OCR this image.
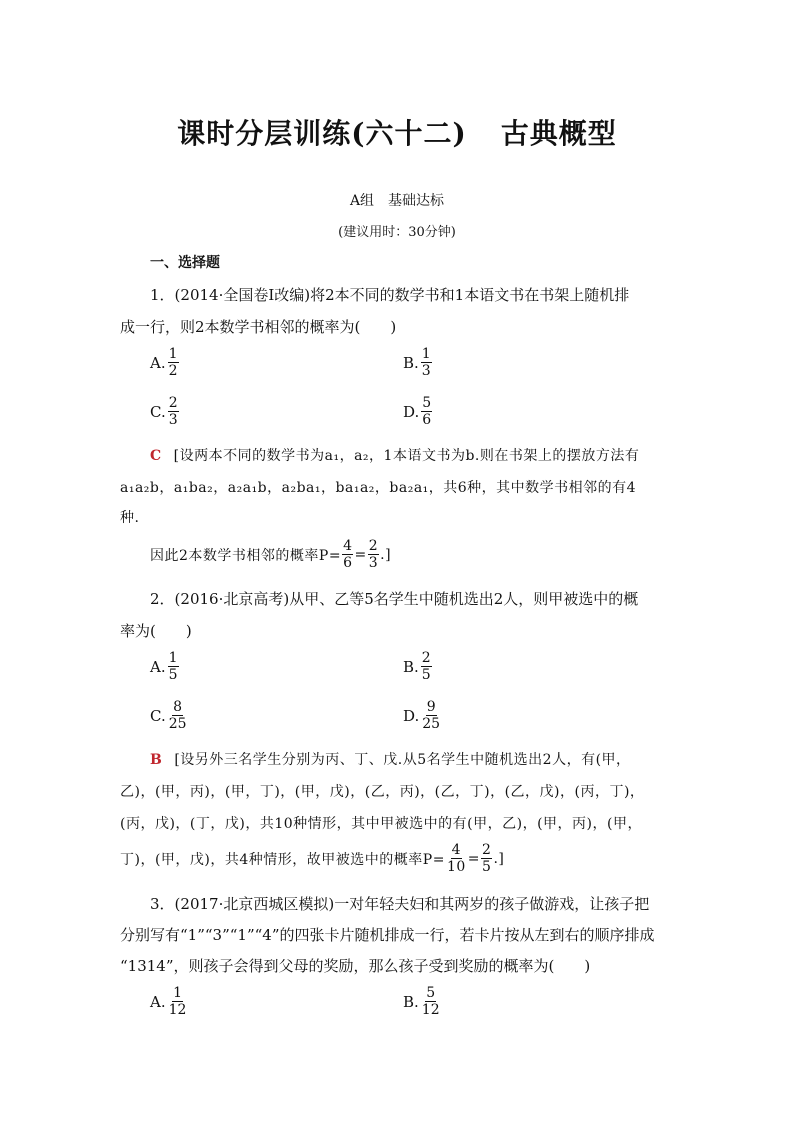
课时分层训练(六十二) 古典概型
A组　基础达标
(建议用时：30分钟)
一、选择题
1．(2014·全国卷Ⅰ改编)将2本不同的数学书和1本语文书在书架上随机排
成一行，则2本数学书相邻的概率为(　　)
A. $\frac{1}{2}$	B. $\frac{1}{3}$
C. $\frac{2}{3}$	D. $\frac{5}{6}$
C [设两本不同的数学书为a₁，a₂，1本语文书为b.则在书架上的摆放方法有
a₁a₂b，a₁ba₂，a₂a₁b，a₂ba₁，ba₁a₂，ba₂a₁，共6种，其中数学书相邻的有4
种.
因此2本数学书相邻的概率$P= \frac{4}{6} = \frac{2}{3}$ .]
2．(2016·北京高考)从甲、乙等5名学生中随机选出2人，则甲被选中的概
率为(　　)
A. $\frac{1}{5}$	B. $\frac{2}{5}$
C. $\frac{8}{25}$	D. $\frac{9}{25}$
B [设另外三名学生分别为丙、丁、戊.从5名学生中随机选出2人，有(甲，
乙)，(甲，丙)，(甲，丁)，(甲，戊)，(乙，丙)，(乙，丁)，(乙，戊)，(丙，丁)，
(丙，戊)，(丁，戊)，共10种情形，其中甲被选中的有(甲，乙)，(甲，丙)，(甲，
丁)，(甲，戊)，共4种情形，故甲被选中的概率$P= \frac{4}{10} = \frac{2}{5}$ .]
3．(2017·北京西城区模拟)一对年轻夫妇和其两岁的孩子做游戏，让孩子把
分别写有“1”“3”“1”“4”的四张卡片随机排成一行，若卡片按从左到右的顺序排成
“1314”，则孩子会得到父母的奖励，那么孩子受到奖励的概率为(　　)
A. $\frac{1}{12}$	B. $\frac{5}{12}$
